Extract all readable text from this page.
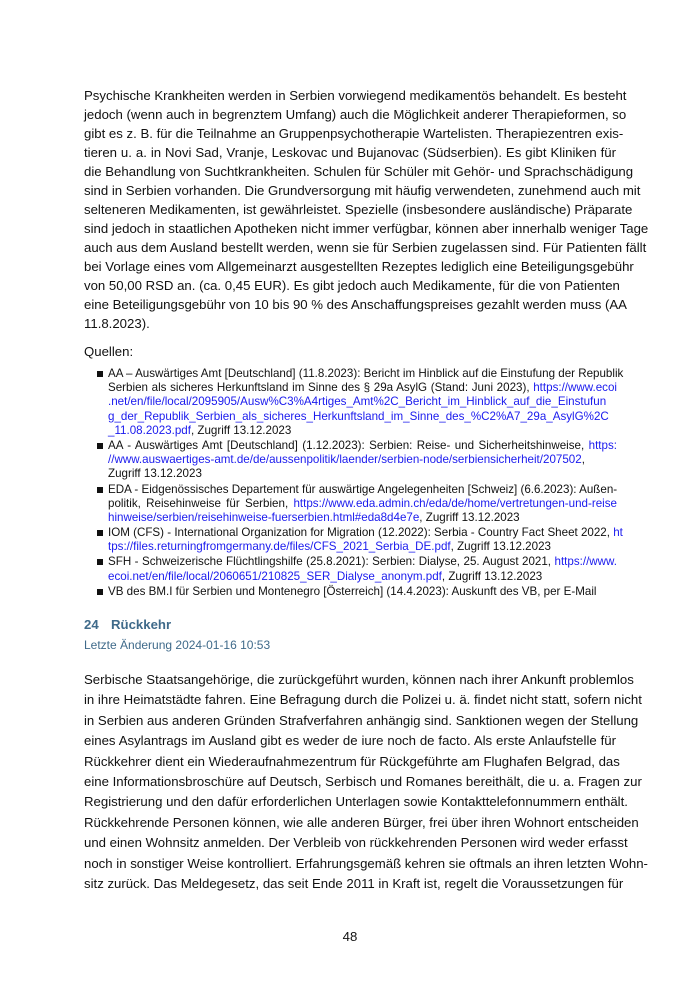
Psychische Krankheiten werden in Serbien vorwiegend medikamentös behandelt. Es besteht
jedoch (wenn auch in begrenztem Umfang) auch die Möglichkeit anderer Therapieformen, so
gibt es z. B. für die Teilnahme an Gruppenpsychotherapie Wartelisten. Therapiezentren exis-
tieren u. a. in Novi Sad, Vranje, Leskovac und Bujanovac (Südserbien). Es gibt Kliniken für
die Behandlung von Suchtkrankheiten. Schulen für Schüler mit Gehör- und Sprachschädigung
sind in Serbien vorhanden. Die Grundversorgung mit häufig verwendeten, zunehmend auch mit
selteneren Medikamenten, ist gewährleistet. Spezielle (insbesondere ausländische) Präparate
sind jedoch in staatlichen Apotheken nicht immer verfügbar, können aber innerhalb weniger Tage
auch aus dem Ausland bestellt werden, wenn sie für Serbien zugelassen sind. Für Patienten fällt
bei Vorlage eines vom Allgemeinarzt ausgestellten Rezeptes lediglich eine Beteiligungsgebühr
von 50,00 RSD an. (ca. 0,45 EUR). Es gibt jedoch auch Medikamente, für die von Patienten
eine Beteiligungsgebühr von 10 bis 90 % des Anschaffungspreises gezahlt werden muss (AA
11.8.2023).
Quellen:
AA – Auswärtiges Amt [Deutschland] (11.8.2023): Bericht im Hinblick auf die Einstufung der Republik
Serbien als sicheres Herkunftsland im Sinne des § 29a AsylG (Stand: Juni 2023), https://www.ecoi
.net/en/file/local/2095905/Ausw%C3%A4rtiges_Amt%2C_Bericht_im_Hinblick_auf_die_Einstufun
g_der_Republik_Serbien_als_sicheres_Herkunftsland_im_Sinne_des_%C2%A7_29a_AsylG%2C
_11.08.2023.pdf, Zugriff 13.12.2023
AA - Auswärtiges Amt [Deutschland] (1.12.2023): Serbien: Reise- und Sicherheitshinweise, https:
//www.auswaertiges-amt.de/de/aussenpolitik/laender/serbien-node/serbiensicherheit/207502,
Zugriff 13.12.2023
EDA - Eidgenössisches Departement für auswärtige Angelegenheiten [Schweiz] (6.6.2023): Außen-
politik, Reisehinweise für Serbien, https://www.eda.admin.ch/eda/de/home/vertretungen-und-reise
hinweise/serbien/reisehinweise-fuerserbien.html#eda8d4e7e, Zugriff 13.12.2023
IOM (CFS) - International Organization for Migration (12.2022): Serbia - Country Fact Sheet 2022, ht
tps://files.returningfromgermany.de/files/CFS_2021_Serbia_DE.pdf, Zugriff 13.12.2023
SFH - Schweizerische Flüchtlingshilfe (25.8.2021): Serbien: Dialyse, 25. August 2021, https://www.
ecoi.net/en/file/local/2060651/210825_SER_Dialyse_anonym.pdf, Zugriff 13.12.2023
VB des BM.I für Serbien und Montenegro [Österreich] (14.4.2023): Auskunft des VB, per E-Mail
24 Rückkehr
Letzte Änderung 2024-01-16 10:53
Serbische Staatsangehörige, die zurückgeführt wurden, können nach ihrer Ankunft problemlos
in ihre Heimatstädte fahren. Eine Befragung durch die Polizei u. ä. findet nicht statt, sofern nicht
in Serbien aus anderen Gründen Strafverfahren anhängig sind. Sanktionen wegen der Stellung
eines Asylantrags im Ausland gibt es weder de iure noch de facto. Als erste Anlaufstelle für
Rückkehrer dient ein Wiederaufnahmezentrum für Rückgeführte am Flughafen Belgrad, das
eine Informationsbroschüre auf Deutsch, Serbisch und Romanes bereithält, die u. a. Fragen zur
Registrierung und den dafür erforderlichen Unterlagen sowie Kontakttelefonnummern enthält.
Rückkehrende Personen können, wie alle anderen Bürger, frei über ihren Wohnort entscheiden
und einen Wohnsitz anmelden. Der Verbleib von rückkehrenden Personen wird weder erfasst
noch in sonstiger Weise kontrolliert. Erfahrungsgemäß kehren sie oftmals an ihren letzten Wohn-
sitz zurück. Das Meldegesetz, das seit Ende 2011 in Kraft ist, regelt die Voraussetzungen für
48
